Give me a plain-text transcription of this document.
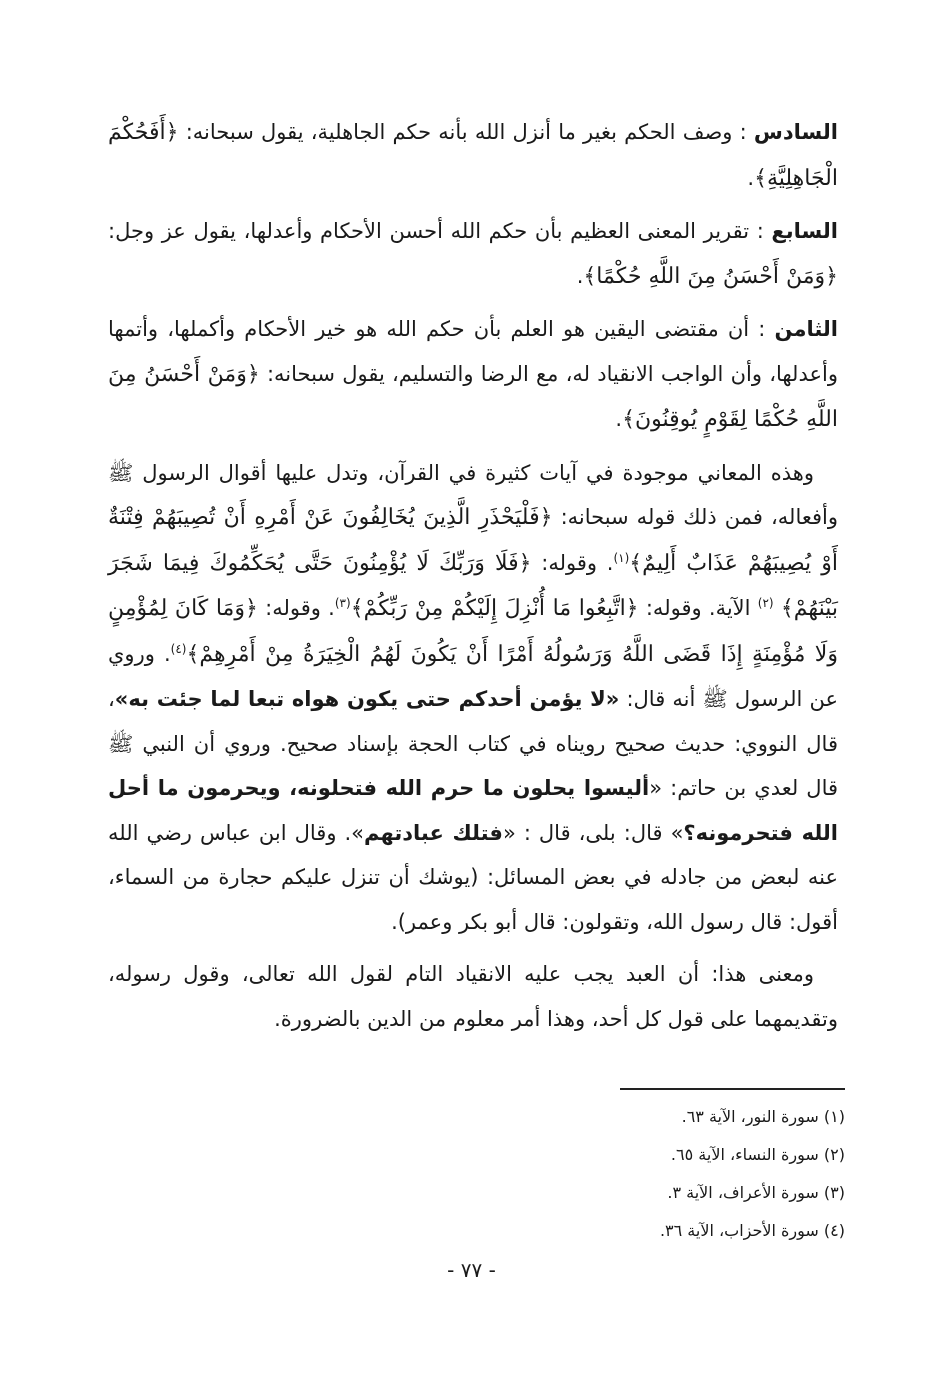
السادس : وصف الحكم بغير ما أنزل الله بأنه حكم الجاهلية، يقول سبحانه: ﴿أَفَحُكْمَ الْجَاهِلِيَّةِ﴾.

السابع : تقرير المعنى العظيم بأن حكم الله أحسن الأحكام وأعدلها، يقول عز وجل: ﴿وَمَنْ أَحْسَنُ مِنَ اللَّهِ حُكْمًا﴾.

الثامن : أن مقتضى اليقين هو العلم بأن حكم الله هو خير الأحكام وأكملها، وأتمها وأعدلها، وأن الواجب الانقياد له، مع الرضا والتسليم، يقول سبحانه: ﴿وَمَنْ أَحْسَنُ مِنَ اللَّهِ حُكْمًا لِقَوْمٍ يُوقِنُونَ﴾.

وهذه المعاني موجودة في آيات كثيرة في القرآن، وتدل عليها أقوال الرسول ﷺ وأفعاله، فمن ذلك قوله سبحانه: ﴿فَلْيَحْذَرِ الَّذِينَ يُخَالِفُونَ عَنْ أَمْرِهِ أَنْ تُصِيبَهُمْ فِتْنَةٌ أَوْ يُصِيبَهُمْ عَذَابٌ أَلِيمٌ﴾$^{(١)}$. وقوله: ﴿فَلَا وَرَبِّكَ لَا يُؤْمِنُونَ حَتَّى يُحَكِّمُوكَ فِيمَا شَجَرَ بَيْنَهُمْ﴾ $^{(٢)}$ الآية. وقوله: ﴿اتَّبِعُوا مَا أُنْزِلَ إِلَيْكُمْ مِنْ رَبِّكُمْ﴾$^{(٣)}$. وقوله: ﴿وَمَا كَانَ لِمُؤْمِنٍ وَلَا مُؤْمِنَةٍ إِذَا قَضَى اللَّهُ وَرَسُولُهُ أَمْرًا أَنْ يَكُونَ لَهُمُ الْخِيَرَةُ مِنْ أَمْرِهِمْ﴾$^{(٤)}$. وروي عن الرسول ﷺ أنه قال: «لا يؤمن أحدكم حتى يكون هواه تبعا لما جئت به»، قال النووي: حديث صحيح رويناه في كتاب الحجة بإسناد صحيح. وروي أن النبي ﷺ قال لعدي بن حاتم: «أليسوا يحلون ما حرم الله فتحلونه، ويحرمون ما أحل الله فتحرمونه؟» قال: بلى، قال : «فتلك عبادتهم». وقال ابن عباس رضي الله عنه لبعض من جادله في بعض المسائل: (يوشك أن تنزل عليكم حجارة من السماء، أقول: قال رسول الله، وتقولون: قال أبو بكر وعمر).

ومعنى هذا: أن العبد يجب عليه الانقياد التام لقول الله تعالى، وقول رسوله، وتقديمهما على قول كل أحد، وهذا أمر معلوم من الدين بالضرورة.

(١) سورة النور، الآية ٦٣.
(٢) سورة النساء، الآية ٦٥.
(٣) سورة الأعراف، الآية ٣.
(٤) سورة الأحزاب، الآية ٣٦.
- ٧٧ -
